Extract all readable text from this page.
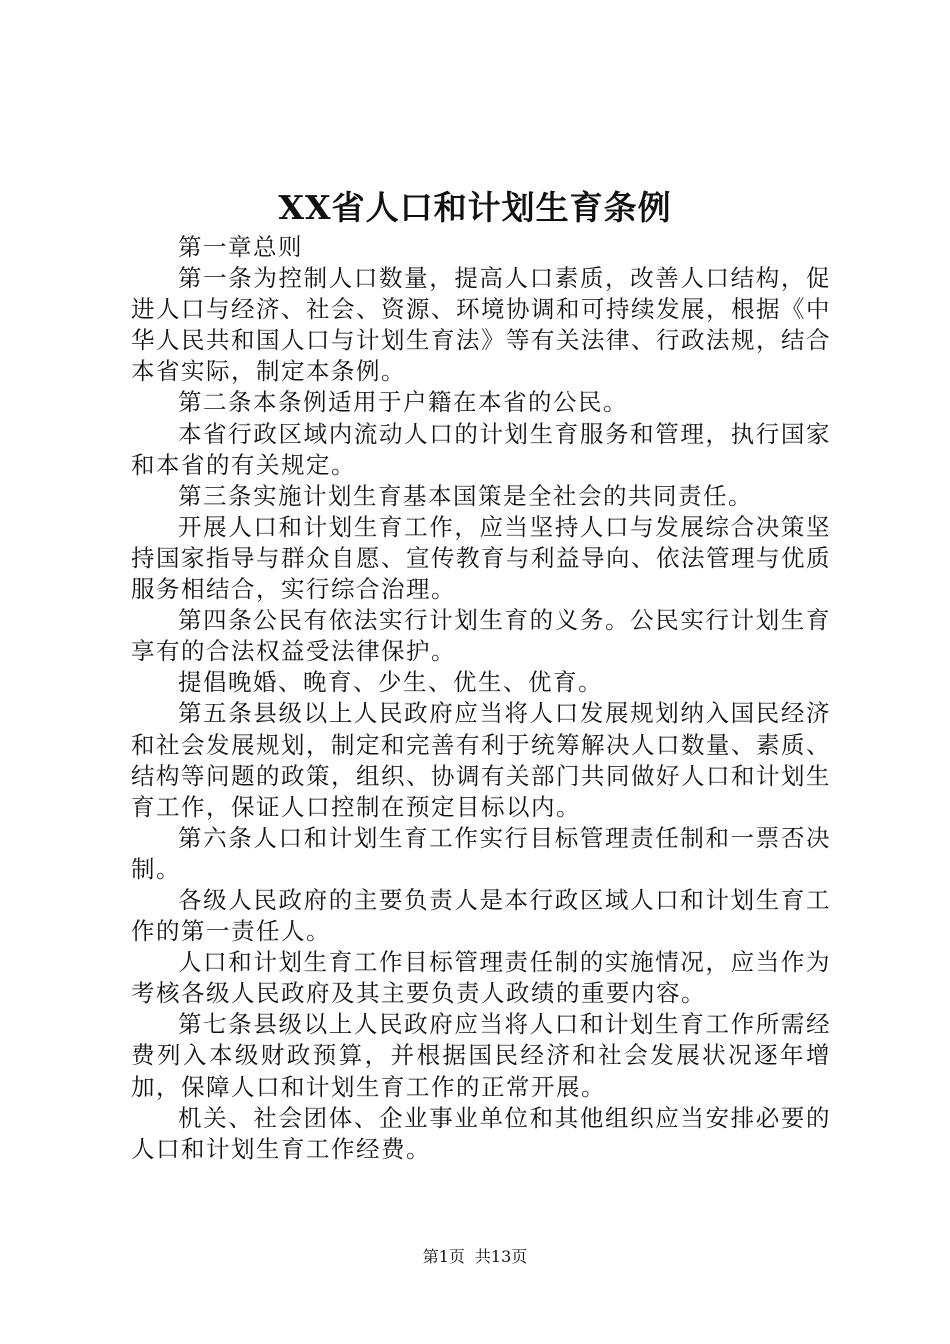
XX省人口和计划生育条例

第一章总则

第一条为控制人口数量，提高人口素质，改善人口结构，促进人口与经济、社会、资源、环境协调和可持续发展，根据《中华人民共和国人口与计划生育法》等有关法律、行政法规，结合本省实际，制定本条例。

第二条本条例适用于户籍在本省的公民。

本省行政区域内流动人口的计划生育服务和管理，执行国家和本省的有关规定。

第三条实施计划生育基本国策是全社会的共同责任。

开展人口和计划生育工作，应当坚持人口与发展综合决策坚持国家指导与群众自愿、宣传教育与利益导向、依法管理与优质服务相结合，实行综合治理。

第四条公民有依法实行计划生育的义务。公民实行计划生育享有的合法权益受法律保护。

提倡晚婚、晚育、少生、优生、优育。

第五条县级以上人民政府应当将人口发展规划纳入国民经济和社会发展规划，制定和完善有利于统筹解决人口数量、素质、结构等问题的政策，组织、协调有关部门共同做好人口和计划生育工作，保证人口控制在预定目标以内。

第六条人口和计划生育工作实行目标管理责任制和一票否决制。

各级人民政府的主要负责人是本行政区域人口和计划生育工作的第一责任人。

人口和计划生育工作目标管理责任制的实施情况，应当作为考核各级人民政府及其主要负责人政绩的重要内容。

第七条县级以上人民政府应当将人口和计划生育工作所需经费列入本级财政预算，并根据国民经济和社会发展状况逐年增加，保障人口和计划生育工作的正常开展。

机关、社会团体、企业事业单位和其他组织应当安排必要的人口和计划生育工作经费。

第1页 共13页
